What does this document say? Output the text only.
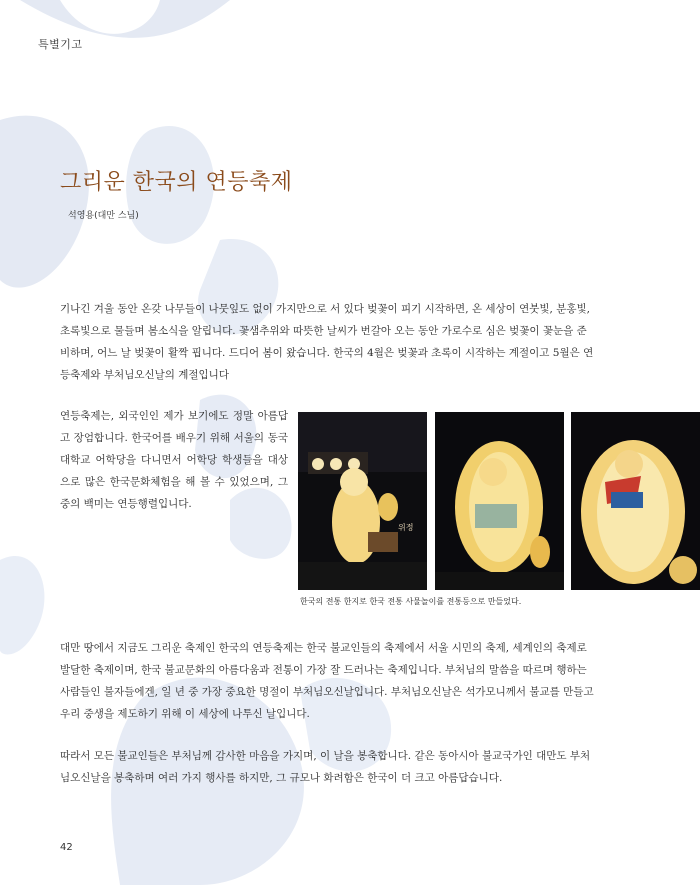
특별기고
그리운 한국의 연등축제
석영용(대만 스님)

기나긴 겨울 동안 온갖 나무들이 나뭇잎도 없이 가지만으로 서 있다 벚꽃이 피기 시작하면, 온 세상이 연붓빛, 분홍빛, 초록빛으로 물들며 봄소식을 알립니다. 꽃샘추위와 따뜻한 날씨가 번갈아 오는 동안 가로수로 심은 벚꽃이 꽃눈을 준비하며, 어느 날 벚꽃이 활짝 핍니다. 드디어 봄이 왔습니다. 한국의 4월은 벚꽃과 초록이 시작하는 계절이고 5월은 연등축제와 부처님오신날의 계절입니다

연등축제는, 외국인인 제가 보기에도 정말 아름답고 장엄합니다. 한국어를 배우기 위해 서울의 동국대학교 어학당을 다니면서 어학당 학생들을 대상으로 많은 한국문화체험을 해 볼 수 있었으며, 그 중의 백미는 연등행렬입니다.

위정
한국의 전통 한지로 한국 전통 사물놀이를 전통등으로 만들었다.

대만 땅에서 지금도 그리운 축제인 한국의 연등축제는 한국 불교인들의 축제에서 서울 시민의 축제, 세계인의 축제로 발달한 축제이며, 한국 불교문화의 아름다움과 전통이 가장 잘 드러나는 축제입니다. 부처님의 말씀을 따르며 행하는 사람들인 불자들에겐, 일 년 중 가장 중요한 명절이 부처님오신날입니다. 부처님오신날은 석가모니께서 불교를 만들고 우리 중생을 제도하기 위해 이 세상에 나투신 날입니다.

따라서 모든 불교인들은 부처님께 감사한 마음을 가지며, 이 날을 봉축합니다. 같은 동아시아 불교국가인 대만도 부처님오신날을 봉축하며 여러 가지 행사를 하지만, 그 규모나 화려함은 한국이 더 크고 아름답습니다.

42
